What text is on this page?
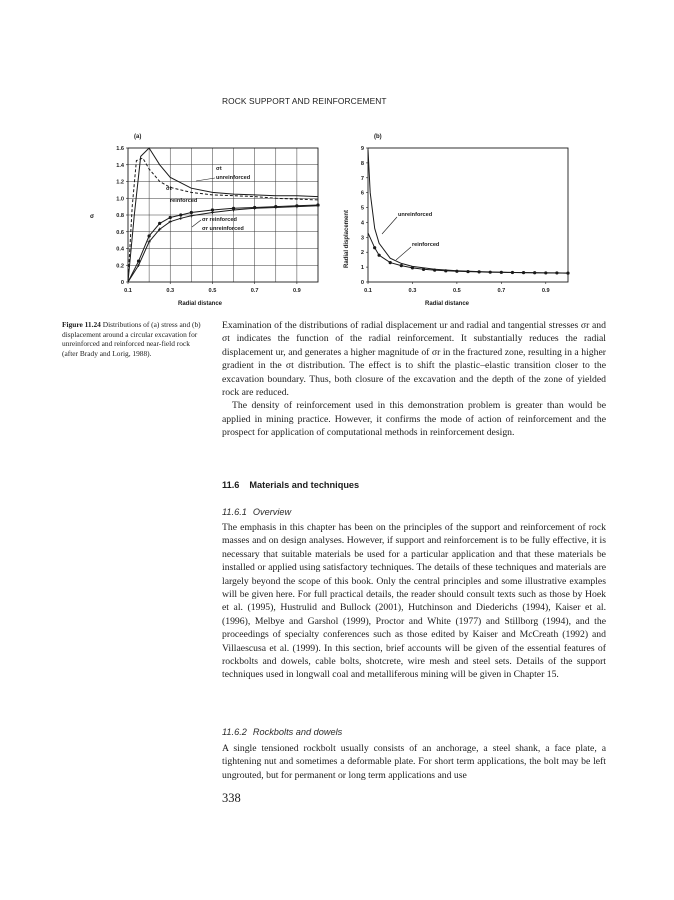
ROCK SUPPORT AND REINFORCEMENT
(a)
1.6
1.4
1.2
1.0
0.8
0.6
0.4
0.2
0
0.1	0.3	0.5	0.7	0.9
σ
Radial distance
σt
unreinforced
σt
reinforced
σr reinforced
σr unreinforced
(b)
9
8
7
6
5
4
3
2
1
0
0.1	0.3	0.5	0.7	0.9
Radial displacement
Radial distance
unreinforced
reinforced
Figure 11.24 Distributions of (a) stress and (b) displacement around a circular excavation for unreinforced and reinforced near-field rock (after Brady and Lorig, 1988).

Examination of the distributions of radial displacement ur and radial and tangential stresses σr and σt indicates the function of the radial reinforcement. It substantially reduces the radial displacement ur, and generates a higher magnitude of σr in the fractured zone, resulting in a higher gradient in the σt distribution. The effect is to shift the plastic–elastic transition closer to the excavation boundary. Thus, both closure of the excavation and the depth of the zone of yielded rock are reduced.

The density of reinforcement used in this demonstration problem is greater than would be applied in mining practice. However, it confirms the mode of action of reinforcement and the prospect for application of computational methods in reinforcement design.

11.6 Materials and techniques
11.6.1 Overview

The emphasis in this chapter has been on the principles of the support and reinforcement of rock masses and on design analyses. However, if support and reinforcement is to be fully effective, it is necessary that suitable materials be used for a particular application and that these materials be installed or applied using satisfactory techniques. The details of these techniques and materials are largely beyond the scope of this book. Only the central principles and some illustrative examples will be given here. For full practical details, the reader should consult texts such as those by Hoek et al. (1995), Hustrulid and Bullock (2001), Hutchinson and Diederichs (1994), Kaiser et al. (1996), Melbye and Garshol (1999), Proctor and White (1977) and Stillborg (1994), and the proceedings of specialty conferences such as those edited by Kaiser and McCreath (1992) and Villaescusa et al. (1999). In this section, brief accounts will be given of the essential features of rockbolts and dowels, cable bolts, shotcrete, wire mesh and steel sets. Details of the support techniques used in longwall coal and metalliferous mining will be given in Chapter 15.

11.6.2 Rockbolts and dowels

A single tensioned rockbolt usually consists of an anchorage, a steel shank, a face plate, a tightening nut and sometimes a deformable plate. For short term applications, the bolt may be left ungrouted, but for permanent or long term applications and use

338
